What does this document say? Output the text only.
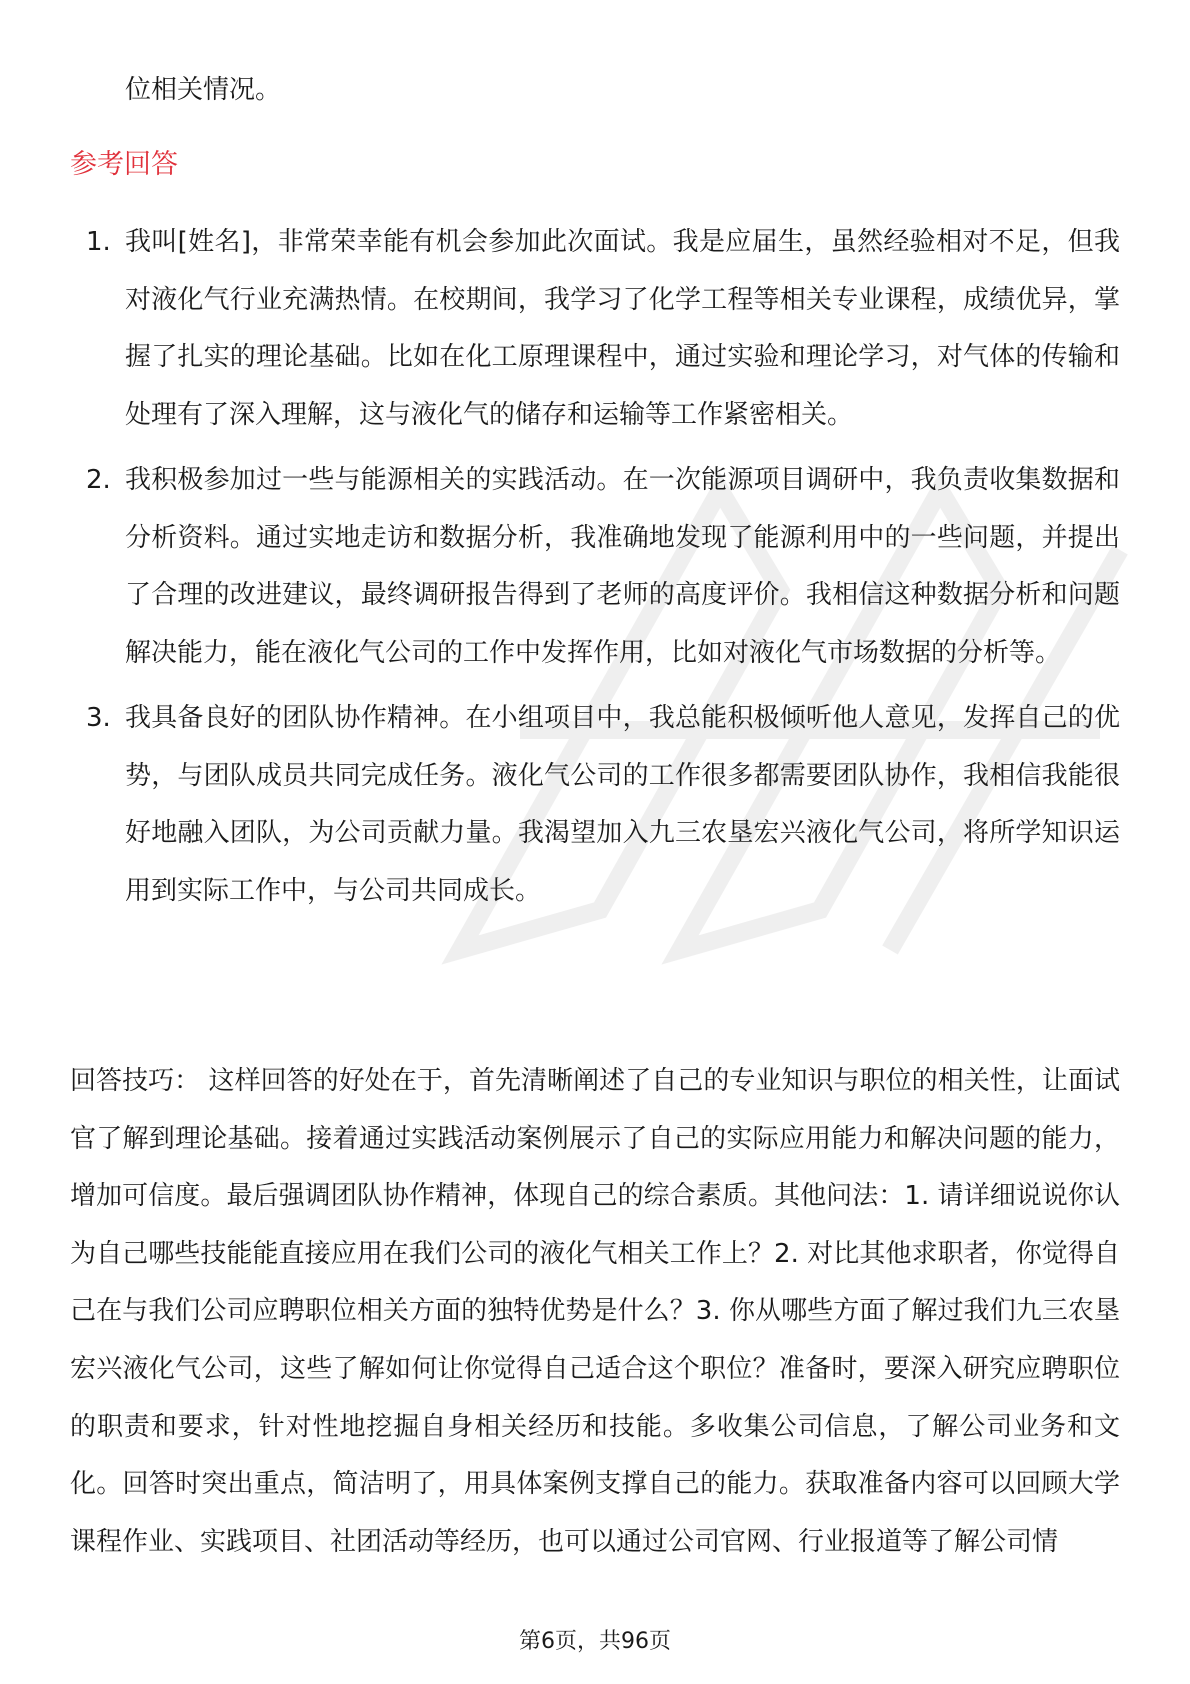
位相关情况。

参考回答
1. 我叫[姓名]，非常荣幸能有机会参加此次面试。我是应届生，虽然经验相对不足，但我对液化气行业充满热情。在校期间，我学习了化学工程等相关专业课程，成绩优异，掌握了扎实的理论基础。比如在化工原理课程中，通过实验和理论学习，对气体的传输和处理有了深入理解，这与液化气的储存和运输等工作紧密相关。

2. 我积极参加过一些与能源相关的实践活动。在一次能源项目调研中，我负责收集数据和分析资料。通过实地走访和数据分析，我准确地发现了能源利用中的一些问题，并提出了合理的改进建议，最终调研报告得到了老师的高度评价。我相信这种数据分析和问题解决能力，能在液化气公司的工作中发挥作用，比如对液化气市场数据的分析等。

3. 我具备良好的团队协作精神。在小组项目中，我总能积极倾听他人意见，发挥自己的优势，与团队成员共同完成任务。液化气公司的工作很多都需要团队协作，我相信我能很好地融入团队，为公司贡献力量。我渴望加入九三农垦宏兴液化气公司，将所学知识运用到实际工作中，与公司共同成长。

回答技巧： 这样回答的好处在于，首先清晰阐述了自己的专业知识与职位的相关性，让面试官了解到理论基础。接着通过实践活动案例展示了自己的实际应用能力和解决问题的能力，增加可信度。最后强调团队协作精神，体现自己的综合素质。其他问法：1. 请详细说说你认为自己哪些技能能直接应用在我们公司的液化气相关工作上？2. 对比其他求职者，你觉得自己在与我们公司应聘职位相关方面的独特优势是什么？3. 你从哪些方面了解过我们九三农垦宏兴液化气公司，这些了解如何让你觉得自己适合这个职位？准备时，要深入研究应聘职位的职责和要求，针对性地挖掘自身相关经历和技能。多收集公司信息，了解公司业务和文化。回答时突出重点，简洁明了，用具体案例支撑自己的能力。获取准备内容可以回顾大学课程作业、实践项目、社团活动等经历，也可以通过公司官网、行业报道等了解公司情

第6页，共96页
